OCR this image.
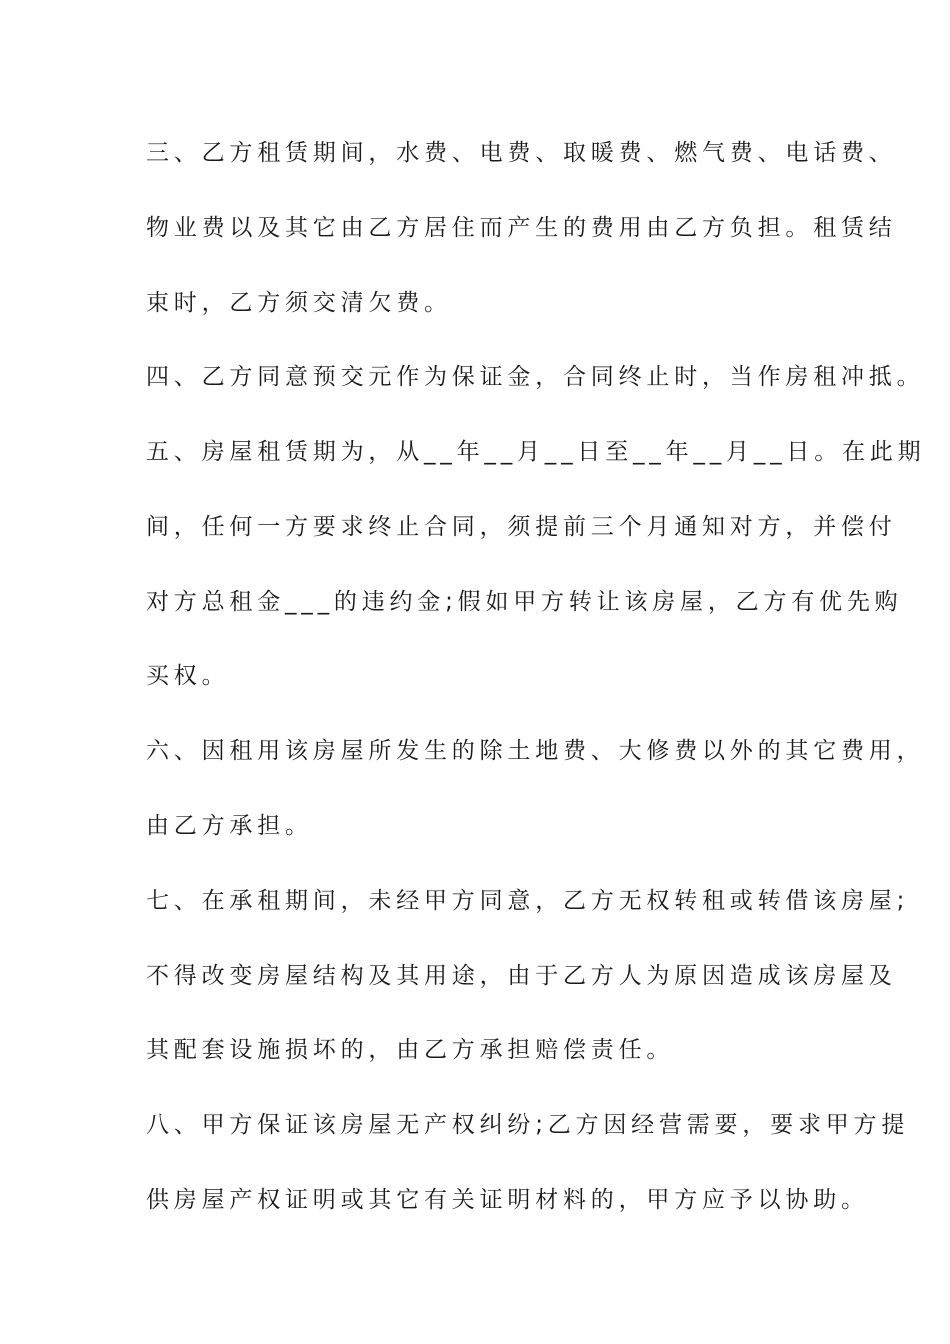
三、乙方租赁期间，水费、电费、取暖费、燃气费、电话费、
物业费以及其它由乙方居住而产生的费用由乙方负担。租赁结
束时，乙方须交清欠费。
四、乙方同意预交元作为保证金，合同终止时，当作房租冲抵。
五、房屋租赁期为，从__年__月__日至__年__月__日。在此期
间，任何一方要求终止合同，须提前三个月通知对方，并偿付
对方总租金___的违约金;假如甲方转让该房屋，乙方有优先购
买权。
六、因租用该房屋所发生的除土地费、大修费以外的其它费用，
由乙方承担。
七、在承租期间，未经甲方同意，乙方无权转租或转借该房屋;
不得改变房屋结构及其用途，由于乙方人为原因造成该房屋及
其配套设施损坏的，由乙方承担赔偿责任。
八、甲方保证该房屋无产权纠纷;乙方因经营需要，要求甲方提
供房屋产权证明或其它有关证明材料的，甲方应予以协助。
